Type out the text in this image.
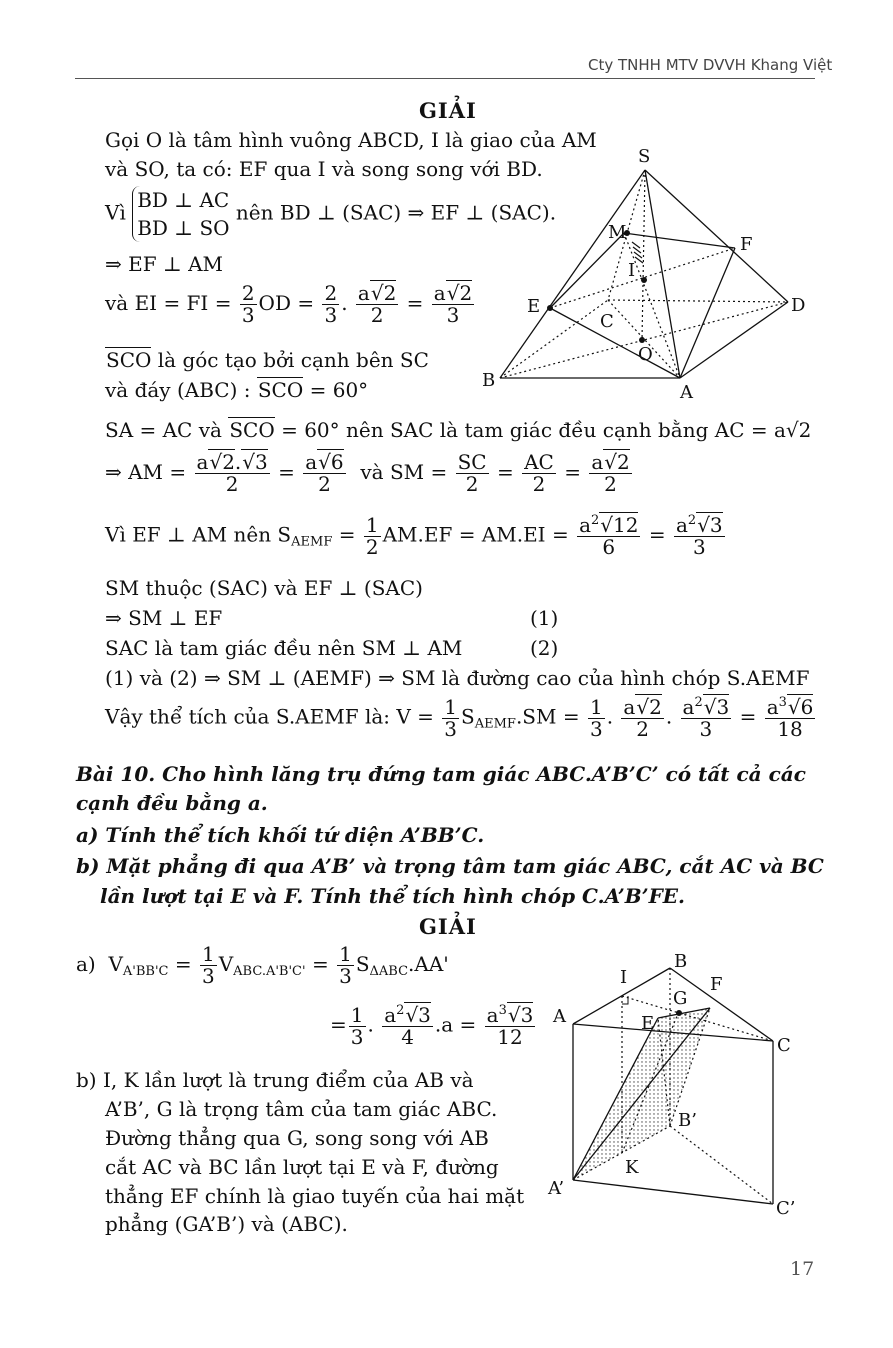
Cty TNHH MTV DVVH Khang Việt
GIẢI
Gọi O là tâm hình vuông ABCD, I là giao của AM
và SO, ta có: EF qua I và song song với BD.
Vì
BD ⊥ AC
BD ⊥ SO
nên BD ⊥ (SAC) ⇒ EF ⊥ (SAC).
⇒ EF ⊥ AM
và EI = FI = $\frac{2}{3}$ OD = $\frac{2}{3}$ . $\frac{a√2}{2} = \frac{a√2}{3}$
SCO là góc tạo bởi cạnh bên SC
và đáy (ABC) : SCO = 60°
SA = AC và SCO = 60° nên SAC là tam giác đều cạnh bằng AC = a√2
⇒ AM = $\frac{a√2.√3}{2} = \frac{a√6}{2}$ và SM = $\frac{SC}{2} = \frac{AC}{2} = \frac{a√2}{2}$
Vì EF ⊥ AM nên $S_{AEMF} = \frac{1}{2} AM.EF = AM.EI = \frac{a^2√12}{6} = \frac{a^2√3}{3}$
SM thuộc (SAC) và EF ⊥ (SAC)
⇒ SM ⊥ EF	(1)
SAC là tam giác đều nên SM ⊥ AM	(2)
(1) và (2) ⇒ SM ⊥ (AEMF) ⇒ SM là đường cao của hình chóp S.AEMF
Vậy thể tích của S.AEMF là: $V = \frac{1}{3} S_{AEMF}.SM = \frac{1}{3}$ . $\frac{a√2}{2}$ . $\frac{a^2√3}{3} = \frac{a^3√6}{18}$
S
M
F
I
E	D
C
O
B
A
Bài 10. Cho hình lăng trụ đứng tam giác ABC.A’B’C’ có tất cả các
cạnh đều bằng a.
a) Tính thể tích khối tứ diện A’BB’C.
b) Mặt phẳng đi qua A’B’ và trọng tâm tam giác ABC, cắt AC và BC
lần lượt tại E và F. Tính thể tích hình chóp C.A’B’FE.
GIẢI
a)  $V_{A'BB'C} = \frac{1}{3} V_{ABC.A'B'C'} = \frac{1}{3} S_{\Delta ABC}.AA'$
= $\frac{1}{3}$ . $\frac{a^2√3}{4} .a = \frac{a^3√3}{12}$
b) I, K lần lượt là trung điểm của AB và
A’B’, G là trọng tâm của tam giác ABC.
Đường thẳng qua G, song song với AB
cắt AC và BC lần lượt tại E và F, đường
thẳng EF chính là giao tuyến của hai mặt
phẳng (GA’B’) và (ABC).
B
I	F
A
G
E
C
B’
K
A’
C’
17
